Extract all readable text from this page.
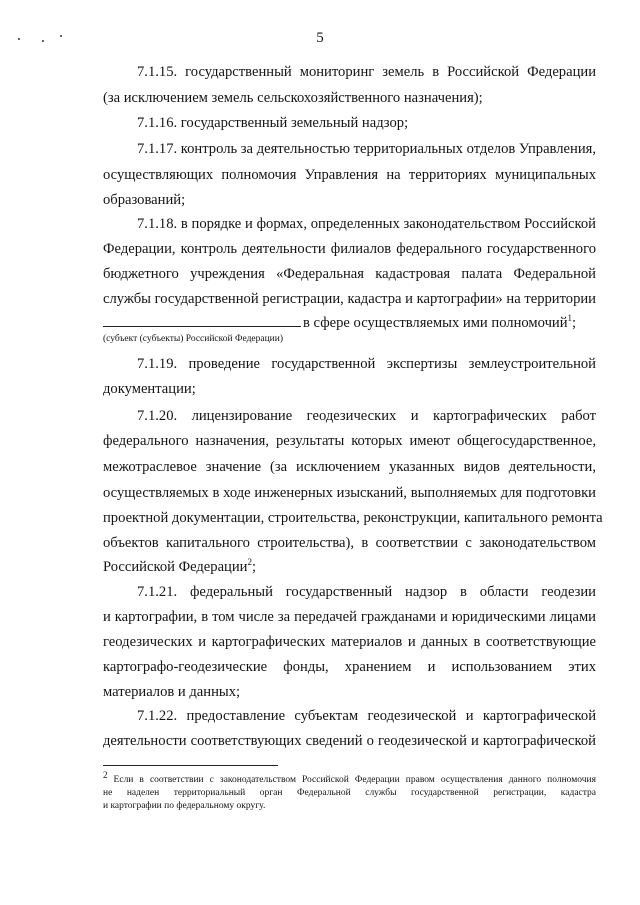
5
7.1.15. государственный мониторинг земель в Российской Федерации
(за исключением земель сельскохозяйственного назначения);
7.1.16. государственный земельный надзор;
7.1.17. контроль за деятельностью территориальных отделов Управления,
осуществляющих полномочия Управления на территориях муниципальных
образований;
7.1.18. в порядке и формах, определенных законодательством Российской
Федерации, контроль деятельности филиалов федерального государственного
бюджетного учреждения «Федеральная кадастровая палата Федеральной
службы государственной регистрации, кадастра и картографии» на территории
в сфере осуществляемых ими полномочий$^1$;
(субъект (субъекты) Российской Федерации)
7.1.19. проведение государственной экспертизы землеустроительной
документации;
7.1.20. лицензирование геодезических и картографических работ
федерального назначения, результаты которых имеют общегосударственное,
межотраслевое значение (за исключением указанных видов деятельности,
осуществляемых в ходе инженерных изысканий, выполняемых для подготовки
проектной документации, строительства, реконструкции, капитального ремонта
объектов капитального строительства), в соответствии с законодательством
Российской Федерации$^2$;
7.1.21. федеральный государственный надзор в области геодезии
и картографии, в том числе за передачей гражданами и юридическими лицами
геодезических и картографических материалов и данных в соответствующие
картографо-геодезические фонды, хранением и использованием этих
материалов и данных;
7.1.22. предоставление субъектам геодезической и картографической
деятельности соответствующих сведений о геодезической и картографической
2 Если в соответствии с законодательством Российской Федерации правом осуществления данного полномочия
не наделен территориальный орган Федеральной службы государственной регистрации, кадастра
и картографии по федеральному округу.
